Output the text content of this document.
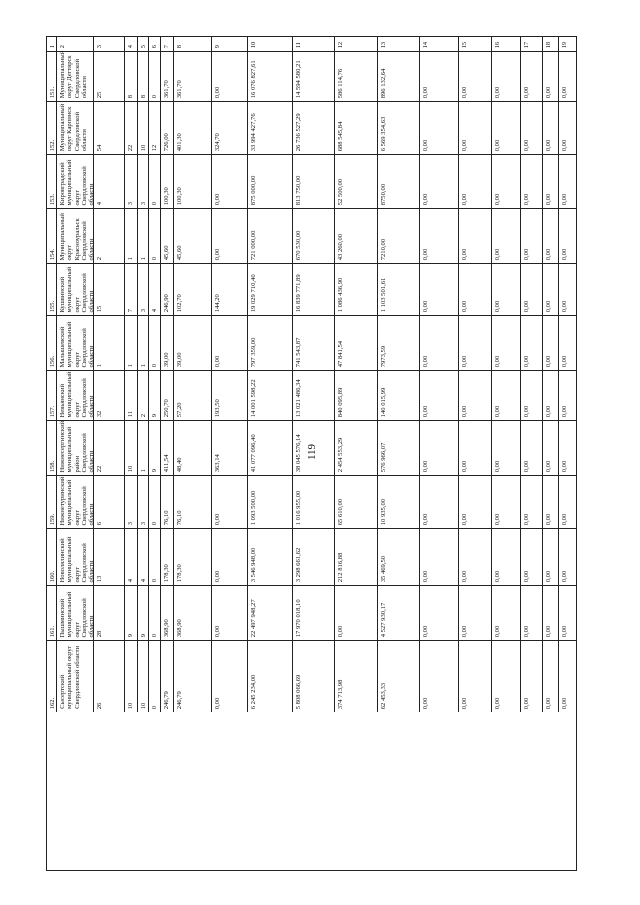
119
1 2	3	4 5 6 7 8	9	10	11	12	13	14	15	16	17 18 19
151. Муниципальный округ Дегтярск Свердловской области 25	8 8 0 361,70 361,70	0,00	16 076 827,61	14 594 580,21	586 114,76	896 132,64	0,00	0,00	0,00	0,00 0,00 0,00
152. Муниципальный округ Карпинск Свердловской области 54	22 10 12 726,00 401,30	324,70	33 994 427,76	26 736 527,29	688 545,84	6 569 354,63	0,00	0,00	0,00	0,00 0,00 0,00
153. Кировградский муниципальный округ Свердловской области 4	3 3 0 100,30 100,30	0,00	875 000,00	813 750,00	52 500,00	8750,00	0,00	0,00	0,00	0,00 0,00 0,00
154. Муниципальный округ Красноуральск Свердловской области 2	1 1 0 45,60 45,60	0,00	721 000,00	670 530,00	43 260,00	7210,00	0,00	0,00	0,00	0,00 0,00 0,00
155. Кушвинский муниципальный округ Свердловской области 15	7 3 4 246,90 102,70	144,20	19 029 710,40	16 839 771,89	1 086 436,90	1 103 501,61	0,00	0,00	0,00	0,00 0,00 0,00
156. Малышевский муниципальный округ Свердловской области 1	1 1 0 39,00 39,00	0,00	797 359,00	741 543,87	47 841,54	7973,59	0,00	0,00	0,00	0,00 0,00 0,00
157. Невьянский муниципальный округ Свердловской области 32	11 2 9 250,70 57,20	193,50	14 001 598,22	13 021 486,34	840 095,89	140 015,99	0,00	0,00	0,00	0,00 0,00 0,00
158. Нижнесергинский муниципальный район Свердловской области 22	10 1 9 411,54 48,40	363,14	41 077 096,40	38 045 576,14	2 454 553,29	576 966,07	0,00	0,00	0,00	0,00 0,00 0,00
159. Нижнетуринский муниципальный округ Свердловской области 6	3 3 0 76,10 76,10	0,00	1 093 500,00	1 016 955,00	65 610,00	10 935,00	0,00	0,00	0,00	0,00 0,00 0,00
160. Новолялинский муниципальный округ Свердловской области 13	4 4 0 178,30 178,30	0,00	3 546 948,00	3 298 661,62	212 816,88	35 469,50	0,00	0,00	0,00	0,00 0,00 0,00
161. Пышминский муниципальный округ Свердловской области 28	9 9 0 368,90 368,90	0,00	22 497 948,27	17 970 018,10	0,00	4 527 930,17	0,00	0,00	0,00	0,00 0,00 0,00
162. Сысертский муниципальный округ Свердловской области 26	10 10 0 246,79 246,79	0,00	6 245 234,00	5 808 066,69	374 713,98	62 453,33	0,00	0,00	0,00	0,00 0,00 0,00
